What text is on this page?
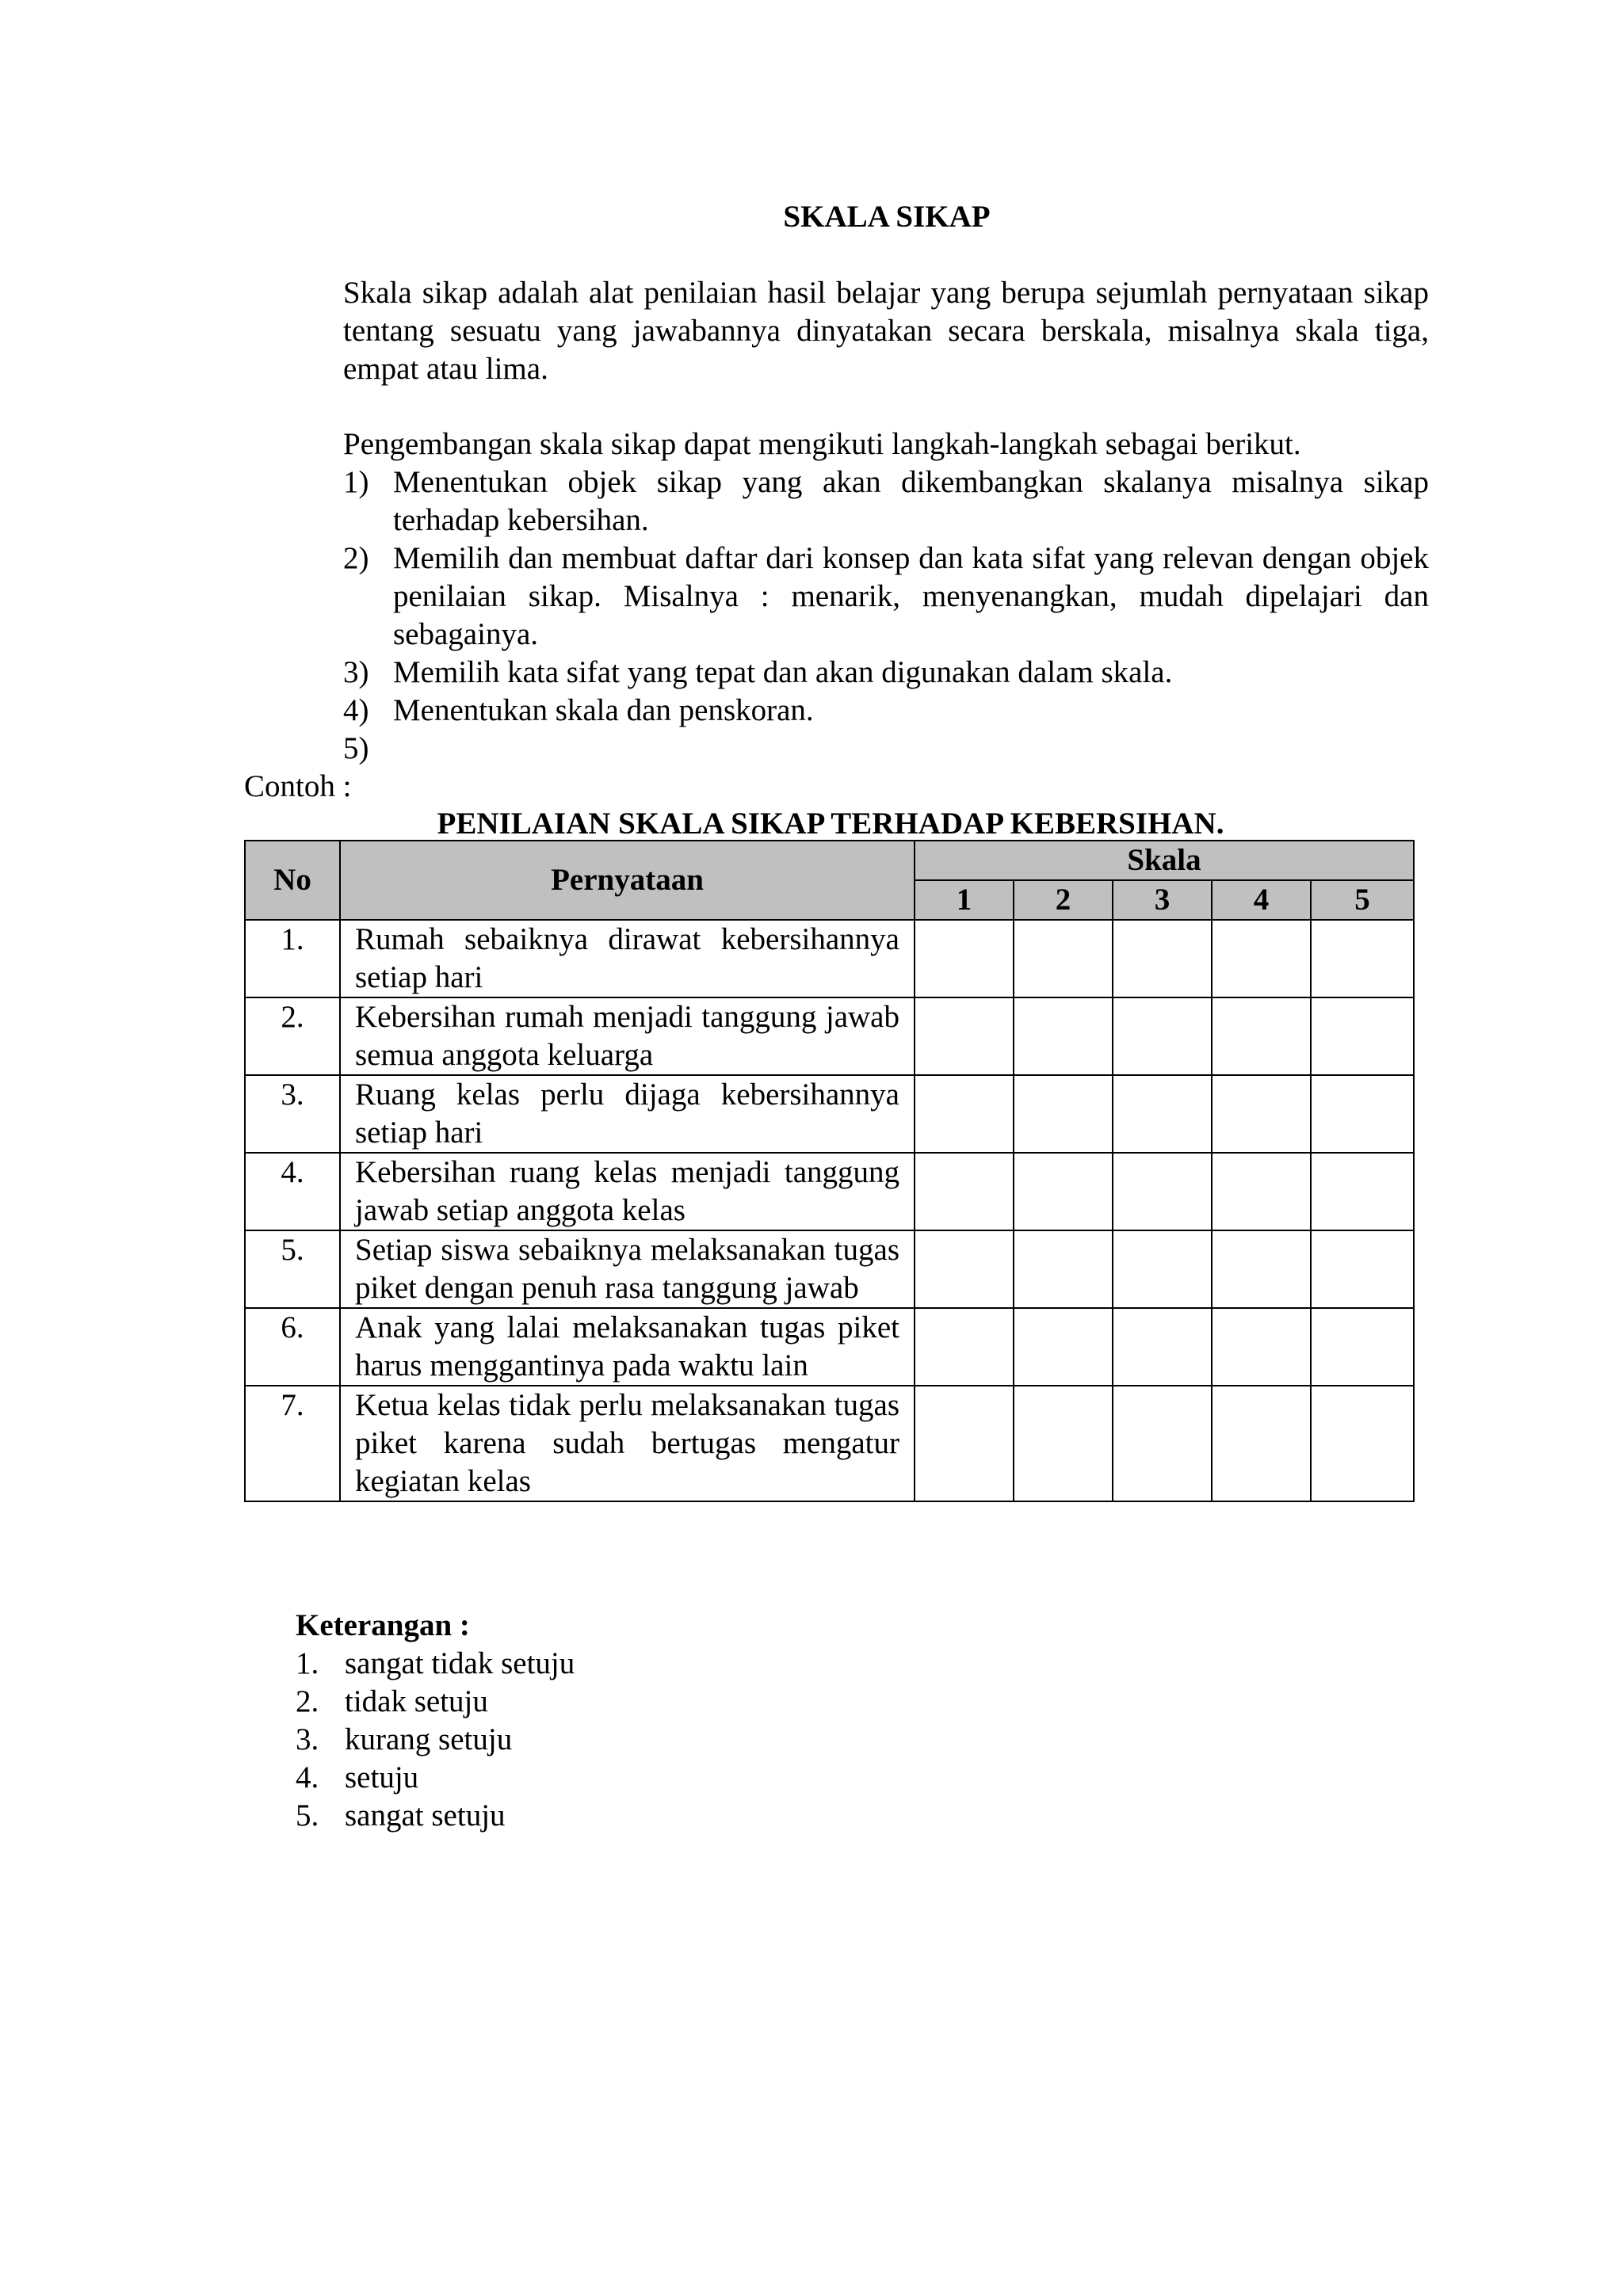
SKALA SIKAP

Skala sikap adalah alat penilaian hasil belajar yang berupa sejumlah pernyataan sikap tentang sesuatu yang jawabannya dinyatakan secara berskala, misalnya skala tiga, empat atau lima.

Pengembangan skala sikap dapat mengikuti langkah-langkah sebagai berikut.

1) Menentukan objek sikap yang akan dikembangkan skalanya misalnya sikap terhadap kebersihan.
2) Memilih dan membuat daftar dari konsep dan kata sifat yang relevan dengan objek penilaian sikap. Misalnya : menarik, menyenangkan, mudah dipelajari dan sebagainya.
3) Memilih kata sifat yang tepat dan akan digunakan dalam skala.
4) Menentukan skala dan penskoran.
5)
Contoh :
PENILAIAN SKALA SIKAP TERHADAP KEBERSIHAN.
No	Pernyataan	Skala				
		1	2	3	4	5
1.	Rumah sebaiknya dirawat kebersihannya setiap hari					
2.	Kebersihan rumah menjadi tanggung jawab semua anggota keluarga					
3.	Ruang kelas perlu dijaga kebersihannya setiap hari					
4.	Kebersihan ruang kelas menjadi tanggung jawab setiap anggota kelas					
5.	Setiap siswa sebaiknya melaksanakan tugas piket dengan penuh rasa tanggung jawab					
6.	Anak yang lalai melaksanakan tugas piket harus menggantinya pada waktu lain					
7.	Ketua kelas tidak perlu melaksanakan tugas piket karena sudah bertugas mengatur kegiatan kelas					
Keterangan :
1. sangat tidak setuju
2. tidak setuju
3. kurang setuju
4. setuju
5. sangat setuju
